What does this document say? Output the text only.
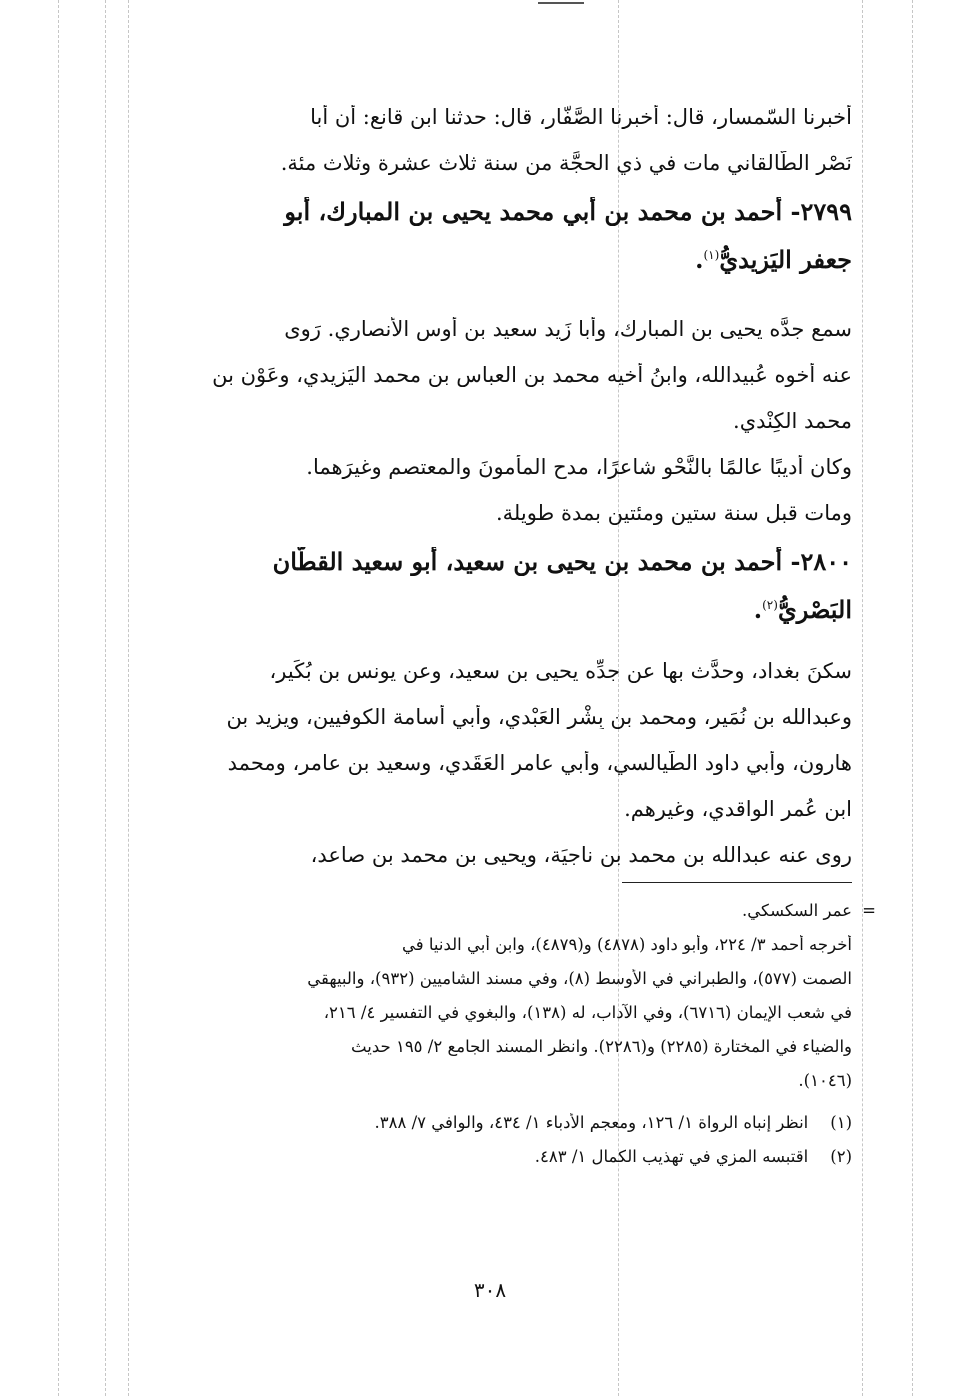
أخبرنا السّمسار، قال: أخبرنا الصَّفّار، قال: حدثنا ابن قانع: أن أبا
نَصْر الطّالقاني مات في ذي الحجَّة من سنة ثلاث عشرة وثلاث مئة.
٢٧٩٩- أحمد بن محمد بن أبي محمد يحيى بن المبارك، أبو
جعفر اليَزيديُّ$^{(١)}$.
سمع جدَّه يحيى بن المبارك، وأبا زَيد سعيد بن أوس الأنصاري. رَوى
عنه أخوه عُبيدالله، وابنُ أخيه محمد بن العباس بن محمد اليَزيدي، وعَوْن بن
محمد الكِنْدي.
وكان أديبًا عالمًا بالنَّحْو شاعرًا، مدح المأمونَ والمعتصم وغيرَهما.
ومات قبل سنة ستين ومئتين بمدة طويلة.
٢٨٠٠- أحمد بن محمد بن يحيى بن سعيد، أبو سعيد القطّان
البَصْريُّ$^{(٢)}$.
سكنَ بغداد، وحدَّث بها عن جدِّه يحيى بن سعيد، وعن يونس بن بُكَير،
وعبدالله بن نُمَير، ومحمد بن بِشْر العَبْدي، وأبي أسامة الكوفيين، ويزيد بن
هارون، وأبي داود الطَّيالسي، وأبي عامر العَقَدي، وسعيد بن عامر، ومحمد
ابن عُمر الواقدي، وغيرِهم.
روى عنه عبدالله بن محمد بن ناجيَة، ويحيى بن محمد بن صاعد،
=
عمر السكسكي.
أخرجه أحمد ٣/ ٢٢٤، وأبو داود (٤٨٧٨) و(٤٨٧٩)، وابن أبي الدنيا في
الصمت (٥٧٧)، والطبراني في الأوسط (٨)، وفي مسند الشاميين (٩٣٢)، والبيهقي
في شعب الإيمان (٦٧١٦)، وفي الآداب، له (١٣٨)، والبغوي في التفسير ٤/ ٢١٦،
والضياء في المختارة (٢٢٨٥) و(٢٢٨٦). وانظر المسند الجامع ٢/ ١٩٥ حديث
(١٠٤٦).
(١)انظر إنباه الرواة ١/ ١٢٦، ومعجم الأدباء ١/ ٤٣٤، والوافي ٧/ ٣٨٨.
(٢)اقتبسه المزي في تهذيب الكمال ١/ ٤٨٣.
٣٠٨
